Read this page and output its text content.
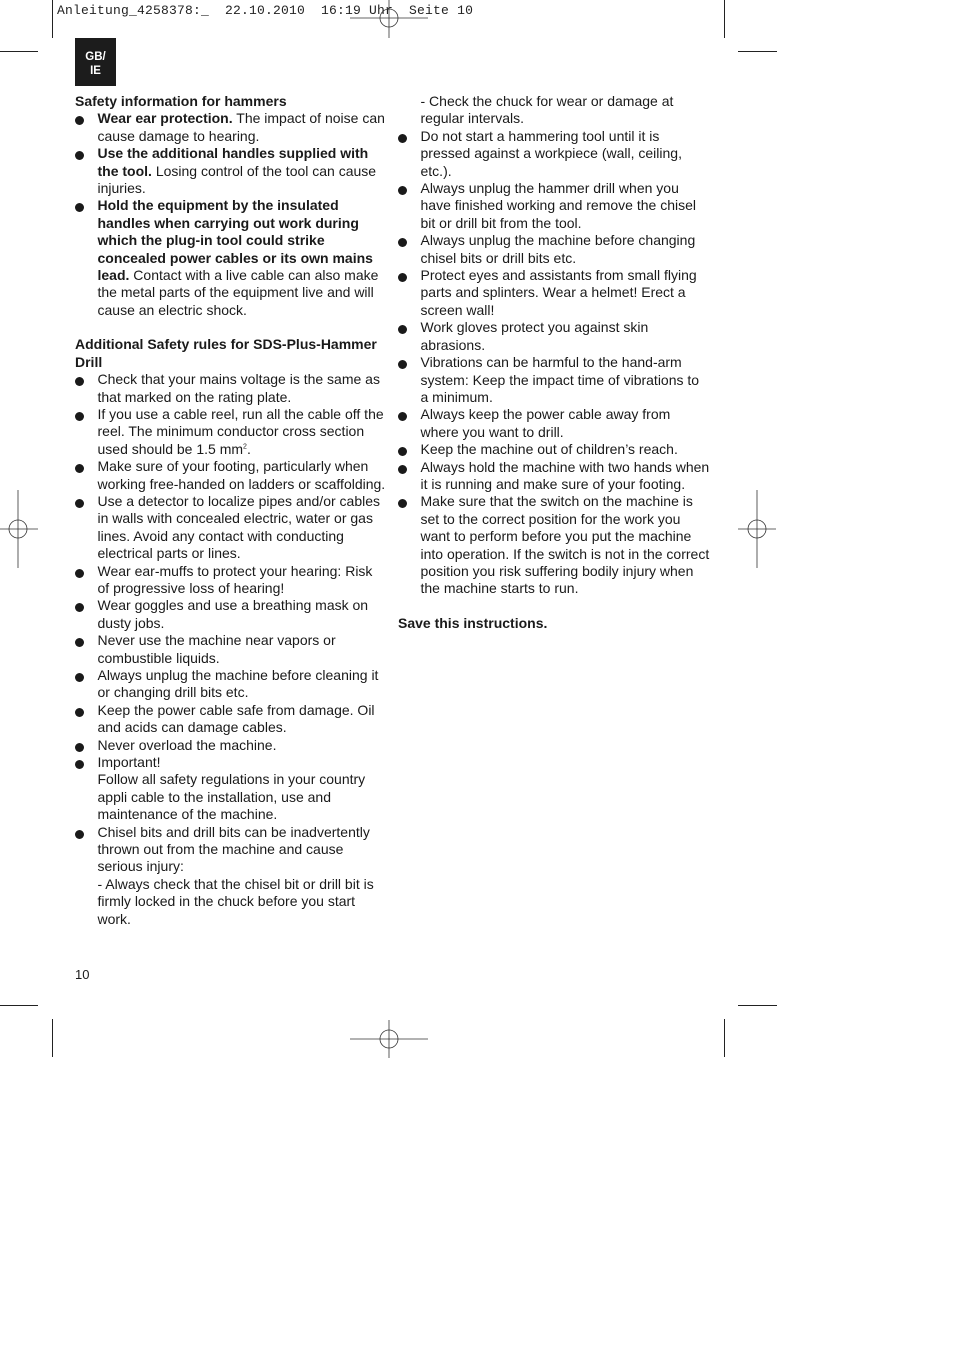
Anleitung_4258378:_  22.10.2010  16:19 Uhr  Seite 10
GB/
IE

Safety information for hammers

Wear ear protection. The impact of noise can cause damage to hearing.
Use the additional handles supplied with the tool. Losing control of the tool can cause injuries.
Hold the equipment by the insulated handles when carrying out work during which the plug-in tool could strike concealed power cables or its own mains lead. Contact with a live cable can also make the metal parts of the equipment live and will cause an electric shock.

Additional Safety rules for SDS-Plus-Hammer Drill

Check that your mains voltage is the same as that marked on the rating plate.
If you use a cable reel, run all the cable off the reel. The minimum conductor cross section used should be 1.5 $mm^2$.
Make sure of your footing, particularly when working free-handed on ladders or scaffolding.
Use a detector to localize pipes and/or cables in walls with concealed electric, water or gas lines. Avoid any contact with conducting electrical parts or lines.
Wear ear-muffs to protect your hearing: Risk of progressive loss of hearing!
Wear goggles and use a breathing mask on dusty jobs.
Never use the machine near vapors or combustible liquids.
Always unplug the machine before cleaning it or changing drill bits etc.
Keep the power cable safe from damage. Oil and acids can damage cables.
Never overload the machine.
Important!
Follow all safety regulations in your country appli cable to the installation, use and maintenance of the machine.
Chisel bits and drill bits can be inadvertently thrown out from the machine and cause serious injury:
- Always check that the chisel bit or drill bit is firmly locked in the chuck before you start work.
- Check the chuck for wear or damage at regular intervals.
Do not start a hammering tool until it is pressed against a workpiece (wall, ceiling, etc.).
Always unplug the hammer drill when you have finished working and remove the chisel bit or drill bit from the tool.
Always unplug the machine before changing chisel bits or drill bits etc.
Protect eyes and assistants from small flying parts and splinters. Wear a helmet! Erect a screen wall!
Work gloves protect you against skin abrasions.
Vibrations can be harmful to the hand-arm system: Keep the impact time of vibrations to a minimum.
Always keep the power cable away from where you want to drill.
Keep the machine out of children’s reach.
Always hold the machine with two hands when it is running and make sure of your footing.
Make sure that the switch on the machine is set to the correct position for the work you want to perform before you put the machine into operation. If the switch is not in the correct position you risk suffering bodily injury when the machine starts to run.

Save this instructions.

10
